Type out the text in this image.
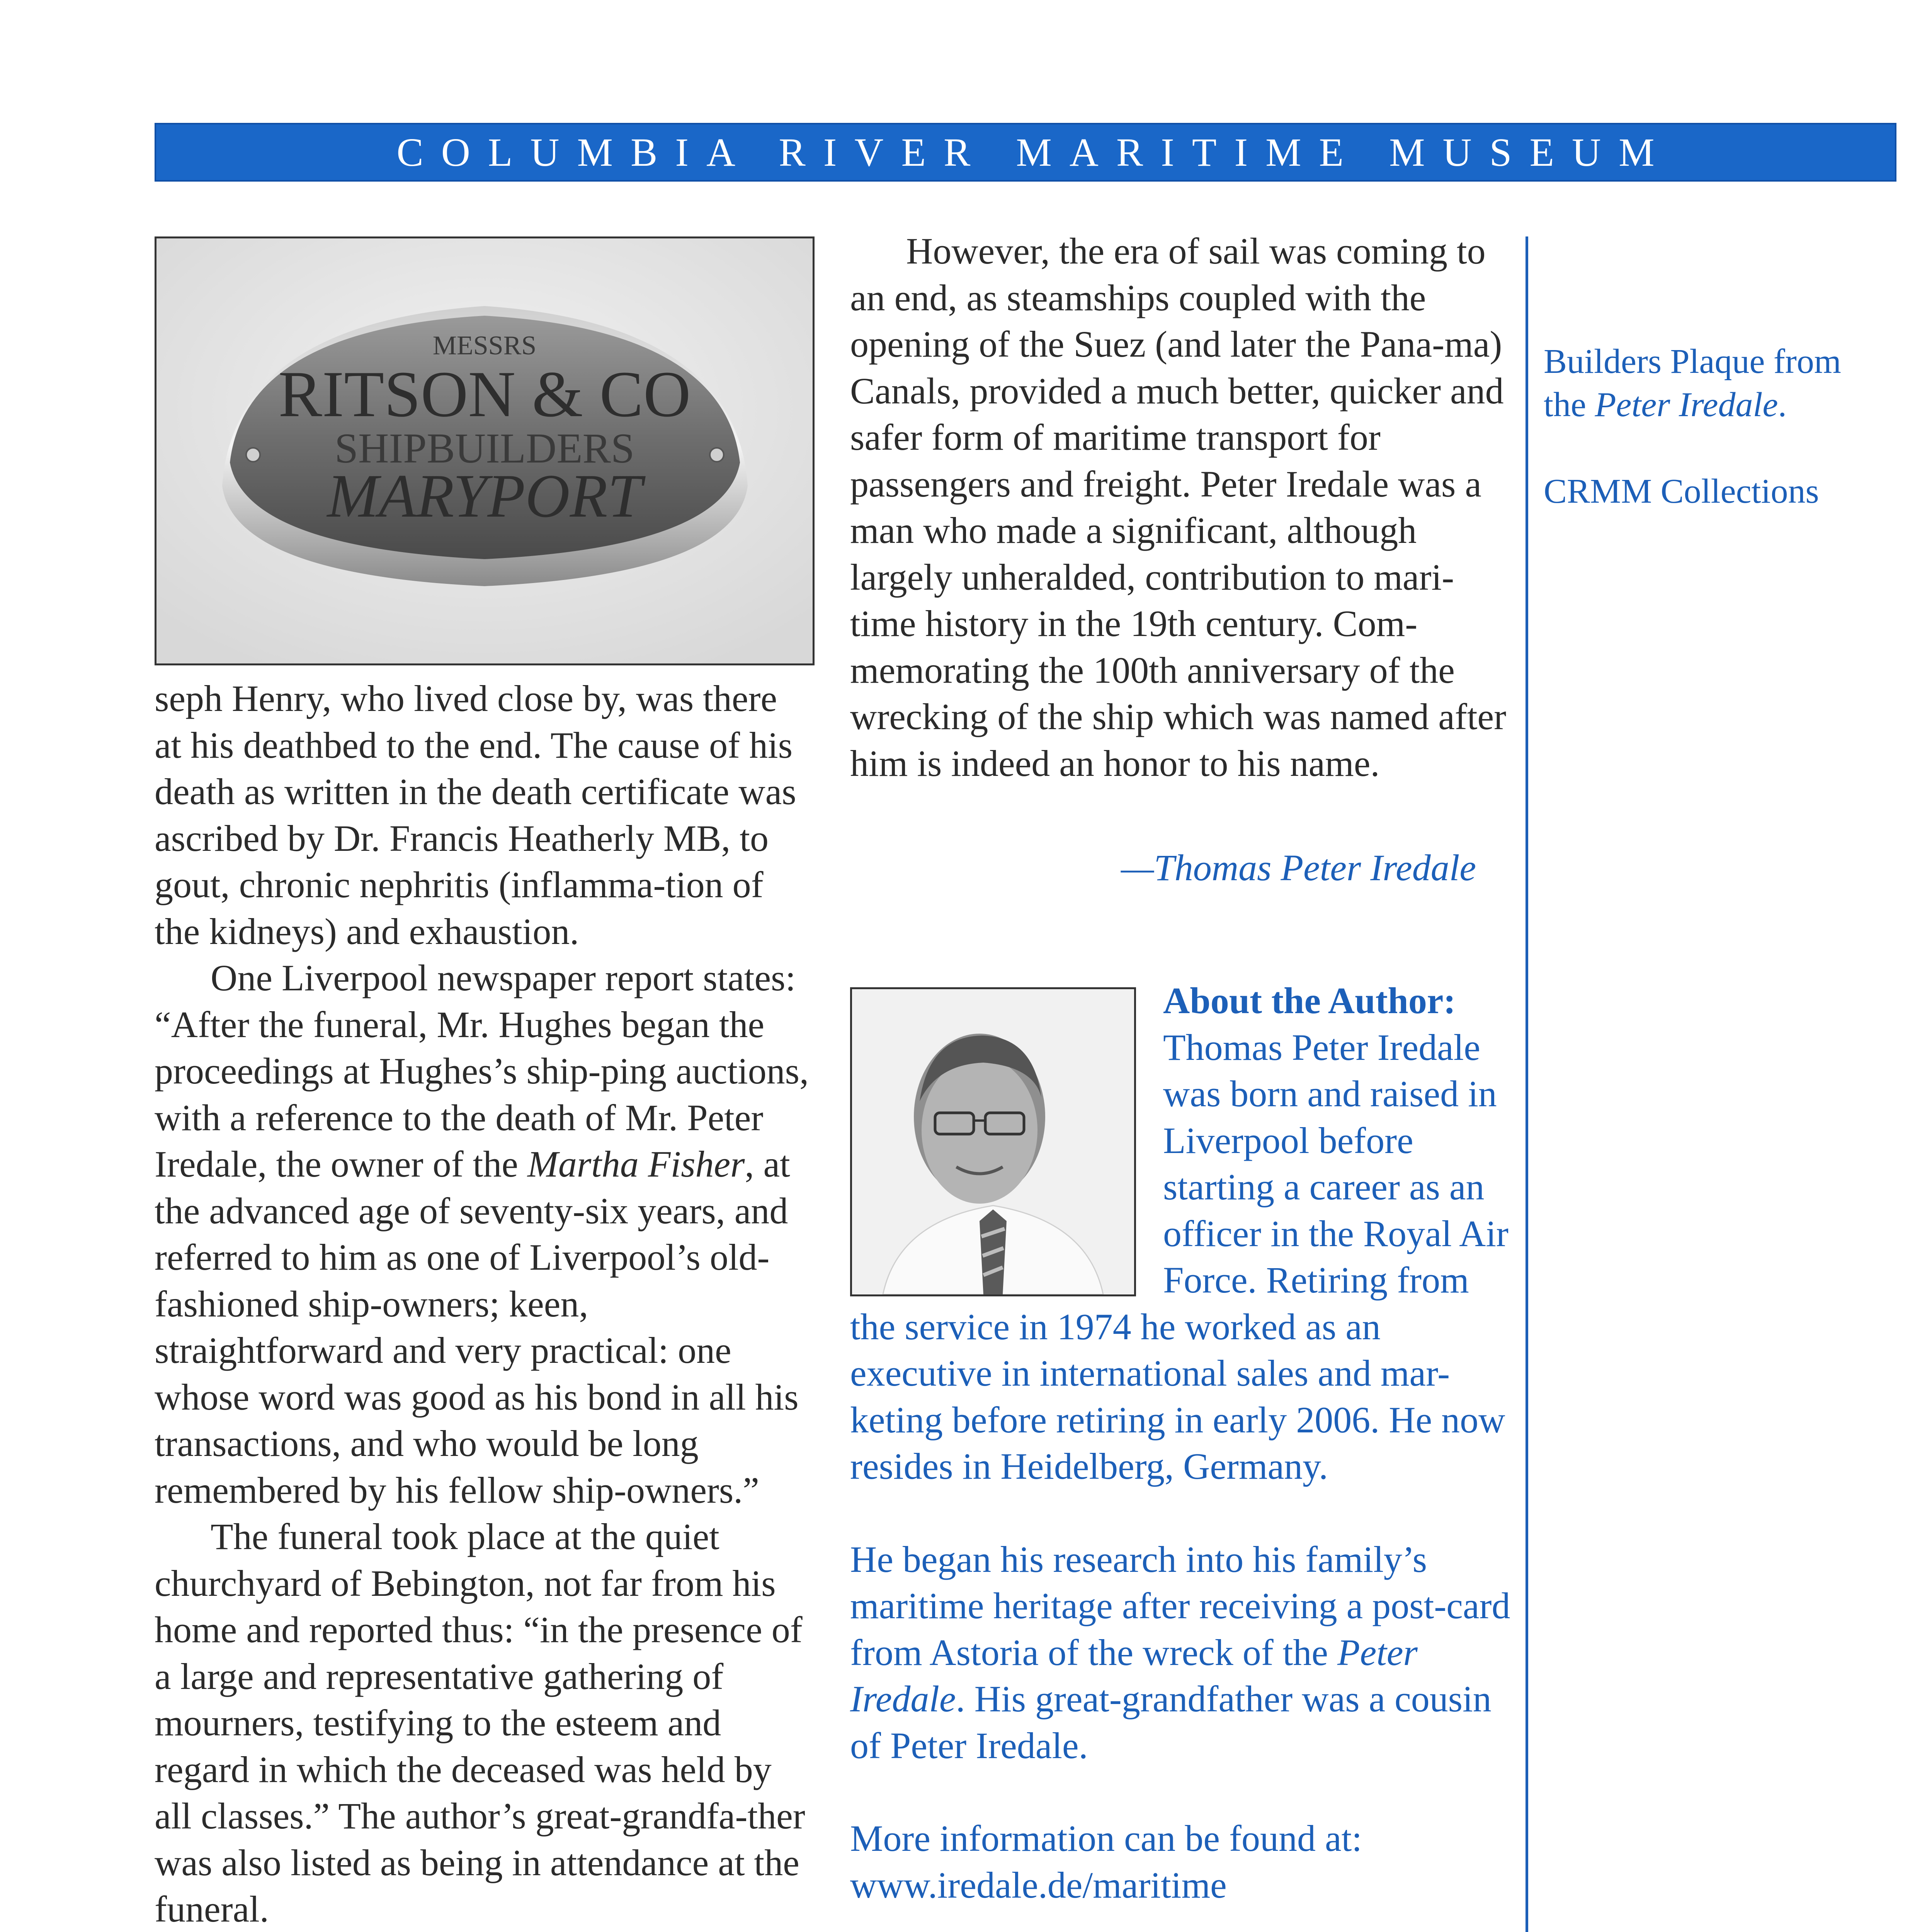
COLUMBIA RIVER MARITIME MUSEUM
MESSRS
RITSON & CO
SHIPBUILDERS
MARYPORT

seph Henry, who lived close by, was there at his deathbed to the end. The cause of his death as written in the death certificate was ascribed by Dr. Francis Heatherly MB, to gout, chronic nephritis (inflamma-tion of the kidneys) and exhaustion.

One Liverpool newspaper report states: “After the funeral, Mr. Hughes began the proceedings at Hughes’s ship-ping auctions, with a reference to the death of Mr. Peter Iredale, the owner of the Martha Fisher, at the advanced age of seventy-six years, and referred to him as one of Liverpool’s old-fashioned ship-owners; keen, straightforward and very practical: one whose word was good as his bond in all his transactions, and who would be long remembered by his fellow ship-owners.”

The funeral took place at the quiet churchyard of Bebington, not far from his home and reported thus: “in the presence of a large and representative gathering of mourners, testifying to the esteem and regard in which the deceased was held by all classes.” The author’s great-grandfa-ther was also listed as being in attendance at the funeral.

However, the era of sail was coming to an end, as steamships coupled with the opening of the Suez (and later the Pana-ma) Canals, provided a much better, quicker and safer form of maritime transport for passengers and freight. Peter Iredale was a man who made a significant, although largely unheralded, contribution to mari-time history in the 19th century. Com-memorating the 100th anniversary of the wrecking of the ship which was named after him is indeed an honor to his name.

—Thomas Peter Iredale

About the Author:
Thomas Peter Iredale was born and raised in Liverpool before starting a career as an officer in the Royal Air Force. Retiring from the service in 1974 he worked as an executive in international sales and mar-keting before retiring in early 2006. He now resides in Heidelberg, Germany.

He began his research into his family’s maritime heritage after receiving a post-card from Astoria of the wreck of the Peter Iredale. His great-grandfather was a cousin of Peter Iredale.

More information can be found at:

www.iredale.de/maritime

Builders Plaque from the Peter Iredale.

CRMM Collections
